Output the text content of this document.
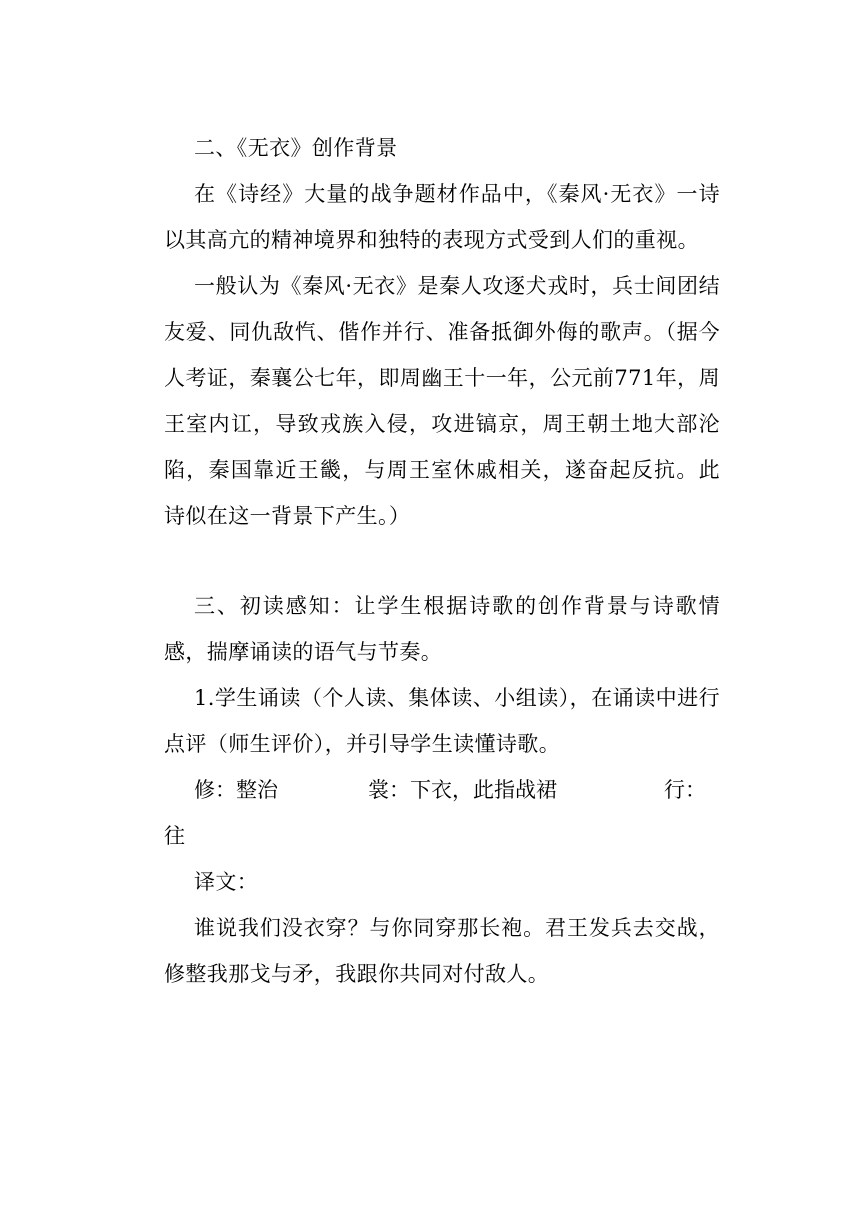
二、《无衣》创作背景

在《诗经》大量的战争题材作品中，《秦风·无衣》一诗以其高亢的精神境界和独特的表现方式受到人们的重视。

一般认为《秦风·无衣》是秦人攻逐犬戎时，兵士间团结友爱、同仇敌忾、偕作并行、准备抵御外侮的歌声。（据今人考证，秦襄公七年，即周幽王十一年，公元前771年，周王室内讧，导致戎族入侵，攻进镐京，周王朝土地大部沦陷，秦国靠近王畿，与周王室休戚相关，遂奋起反抗。此诗似在这一背景下产生。）

三、初读感知：让学生根据诗歌的创作背景与诗歌情感，揣摩诵读的语气与节奏。

1.学生诵读（个人读、集体读、小组读），在诵读中进行点评（师生评价），并引导学生读懂诗歌。

修：整治	裳：下衣，此指战裙	行：
往

译文：

谁说我们没衣穿？与你同穿那长袍。君王发兵去交战，修整我那戈与矛，我跟你共同对付敌人。
